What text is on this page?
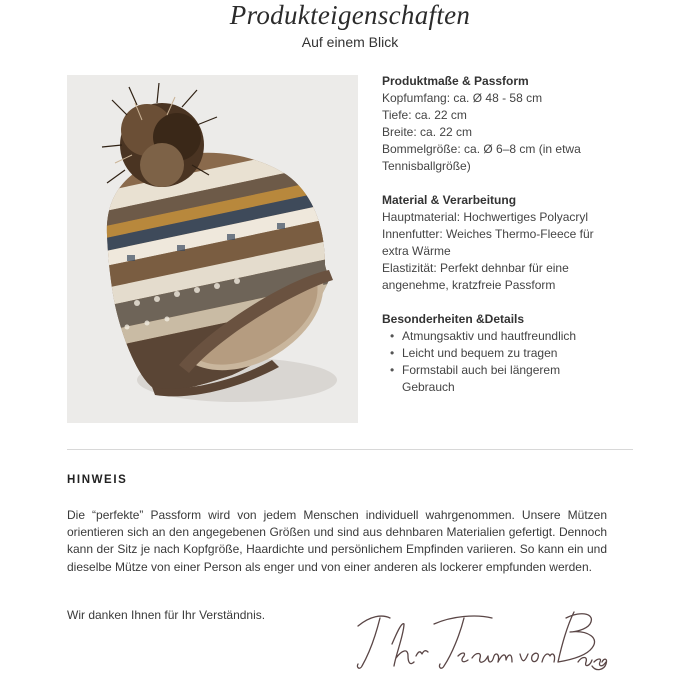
Produkteigenschaften
Auf einem Blick
Produktmaße & Passform

Kopfumfang: ca. Ø 48 - 58 cm

Tiefe: ca. 22 cm

Breite: ca. 22 cm

Bommelgröße: ca. Ø 6–8 cm (in etwa

Tennisballgröße)

Material & Verarbeitung

Hauptmaterial: Hochwertiges Polyacryl

Innenfutter: Weiches Thermo-Fleece für

extra Wärme

Elastizität: Perfekt dehnbar für eine

angenehme, kratzfreie Passform

Besonderheiten &Details
• Atmungsaktiv und hautfreundlich
• Leicht und bequem zu tragen
• Formstabil auch bei längerem

Gebrauch

HINWEIS

Die “perfekte” Passform wird von jedem Menschen individuell wahrgenommen. Unsere Mützen orientieren sich an den angegebenen Größen und sind aus dehnbaren Materialien gefertigt. Dennoch kann der Sitz je nach Kopfgröße, Haardichte und persönlichem Empfinden variieren. So kann ein und dieselbe Mütze von einer Person als enger und von einer anderen als lockerer empfunden werden.

Wir danken Ihnen für Ihr Verständnis.
